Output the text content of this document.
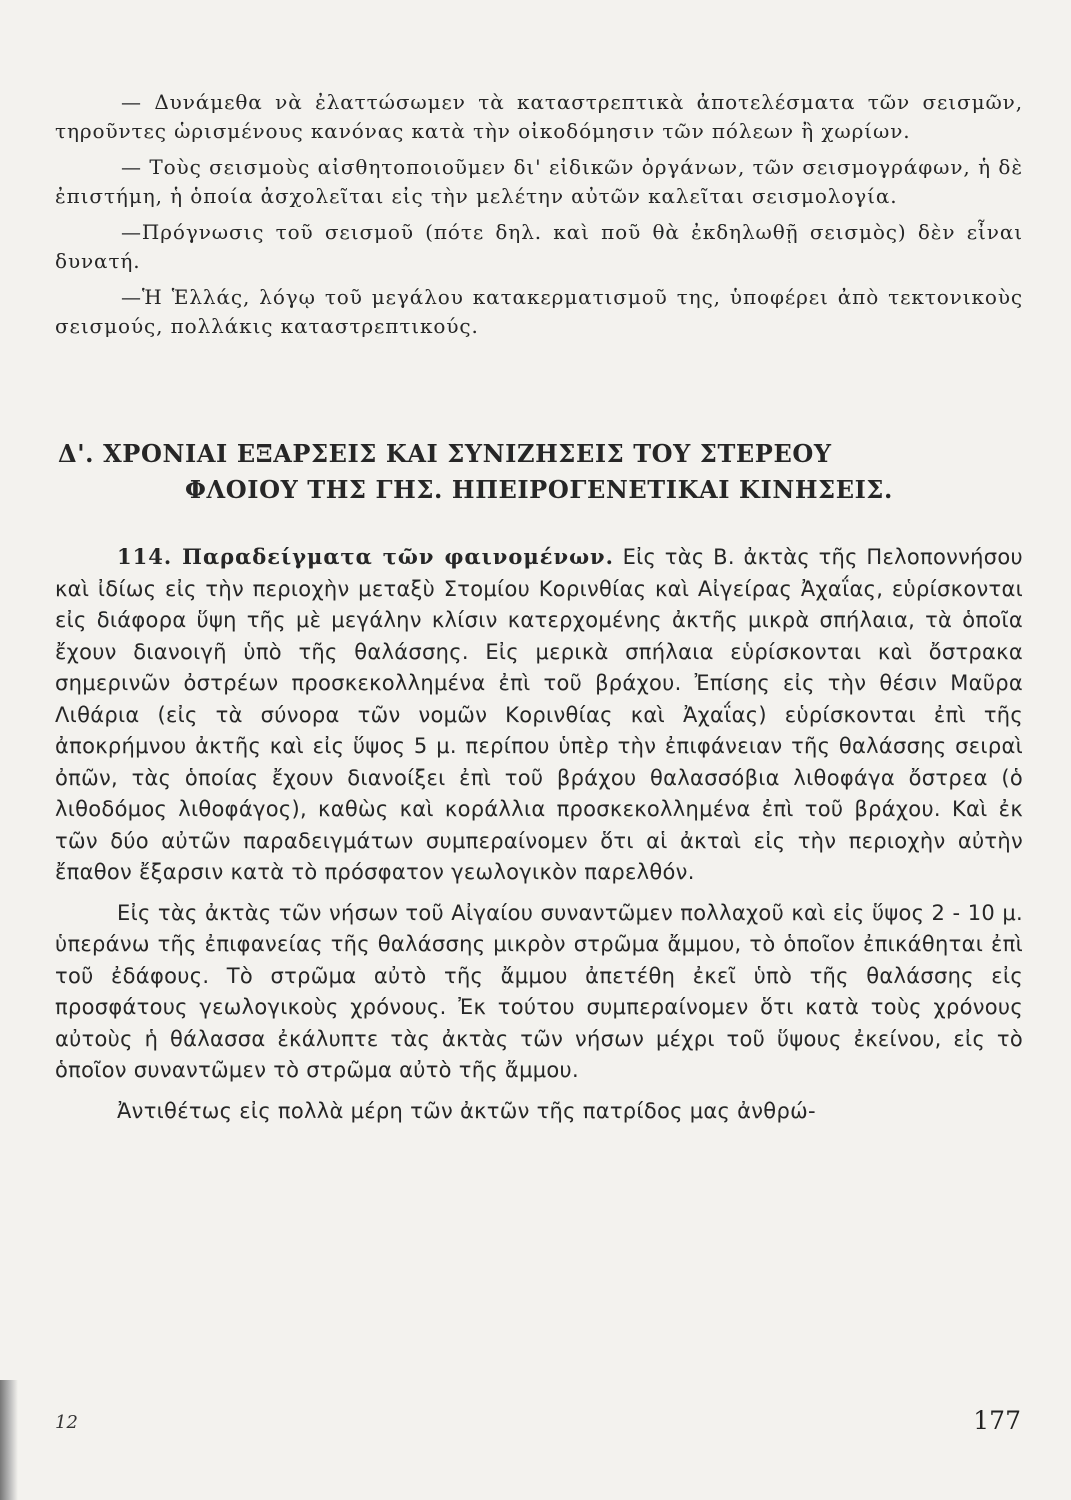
— Δυνάμεθα νὰ ἐλαττώσωμεν τὰ καταστρεπτικὰ ἀποτελέσματα τῶν σεισμῶν, τηροῦντες ὡρισμένους κανόνας κατὰ τὴν οἰκοδόμησιν τῶν πόλεων ἢ χωρίων.

— Τοὺς σεισμοὺς αἰσθητοποιοῦμεν δι' εἰδικῶν ὀργάνων, τῶν σεισμογράφων, ἡ δὲ ἐπιστήμη, ἡ ὁποία ἀσχολεῖται εἰς τὴν μελέτην αὐτῶν καλεῖται σεισμολογία.

—Πρόγνωσις τοῦ σεισμοῦ (πότε δηλ. καὶ ποῦ θὰ ἐκδηλωθῇ σεισμὸς) δὲν εἶναι δυνατή.

—Ἡ Ἑλλάς, λόγῳ τοῦ μεγάλου κατακερματισμοῦ της, ὑποφέρει ἀπὸ τεκτονικοὺς σεισμούς, πολλάκις καταστρεπτικούς.

Δ'. ΧΡΟΝΙΑΙ ΕΞΑΡΣΕΙΣ ΚΑΙ ΣΥΝΙΖΗΣΕΙΣ ΤΟΥ ΣΤΕΡΕΟΥ
ΦΛΟΙΟΥ ΤΗΣ ΓΗΣ. ΗΠΕΙΡΟΓΕΝΕΤΙΚΑΙ ΚΙΝΗΣΕΙΣ.

114. Παραδείγματα τῶν φαινομένων. Εἰς τὰς Β. ἀκτὰς τῆς Πελοποννήσου καὶ ἰδίως εἰς τὴν περιοχὴν μεταξὺ Στομίου Κορινθίας καὶ Αἰγείρας Ἀχαΐας, εὑρίσκονται εἰς διάφορα ὕψη τῆς μὲ μεγάλην κλίσιν κατερχομένης ἀκτῆς μικρὰ σπήλαια, τὰ ὁποῖα ἔχουν διανοιγῆ ὑπὸ τῆς θαλάσσης. Εἰς μερικὰ σπήλαια εὑρίσκονται καὶ ὄστρακα σημερινῶν ὀστρέων προσκεκολλημένα ἐπὶ τοῦ βράχου. Ἐπίσης εἰς τὴν θέσιν Μαῦρα Λιθάρια (εἰς τὰ σύνορα τῶν νομῶν Κορινθίας καὶ Ἀχαΐας) εὑρίσκονται ἐπὶ τῆς ἀποκρήμνου ἀκτῆς καὶ εἰς ὕψος 5 μ. περίπου ὑπὲρ τὴν ἐπιφάνειαν τῆς θαλάσσης σειραὶ ὀπῶν, τὰς ὁποίας ἔχουν διανοίξει ἐπὶ τοῦ βράχου θαλασσόβια λιθοφάγα ὄστρεα (ὁ λιθοδόμος λιθοφάγος), καθὼς καὶ κοράλλια προσκεκολλημένα ἐπὶ τοῦ βράχου. Καὶ ἐκ τῶν δύο αὐτῶν παραδειγμάτων συμπεραίνομεν ὅτι αἱ ἀκταὶ εἰς τὴν περιοχὴν αὐτὴν ἔπαθον ἔξαρσιν κατὰ τὸ πρόσφατον γεωλογικὸν παρελθόν.

Εἰς τὰς ἀκτὰς τῶν νήσων τοῦ Αἰγαίου συναντῶμεν πολλαχοῦ καὶ εἰς ὕψος 2 - 10 μ. ὑπεράνω τῆς ἐπιφανείας τῆς θαλάσσης μικρὸν στρῶμα ἄμμου, τὸ ὁποῖον ἐπικάθηται ἐπὶ τοῦ ἐδάφους. Τὸ στρῶμα αὐτὸ τῆς ἄμμου ἀπετέθη ἐκεῖ ὑπὸ τῆς θαλάσσης εἰς προσφάτους γεωλογικοὺς χρόνους. Ἐκ τούτου συμπεραίνομεν ὅτι κατὰ τοὺς χρόνους αὐτοὺς ἡ θάλασσα ἐκάλυπτε τὰς ἀκτὰς τῶν νήσων μέχρι τοῦ ὕψους ἐκείνου, εἰς τὸ ὁποῖον συναντῶμεν τὸ στρῶμα αὐτὸ τῆς ἄμμου.

Ἀντιθέτως εἰς πολλὰ μέρη τῶν ἀκτῶν τῆς πατρίδος μας ἀνθρώ-

12	177
